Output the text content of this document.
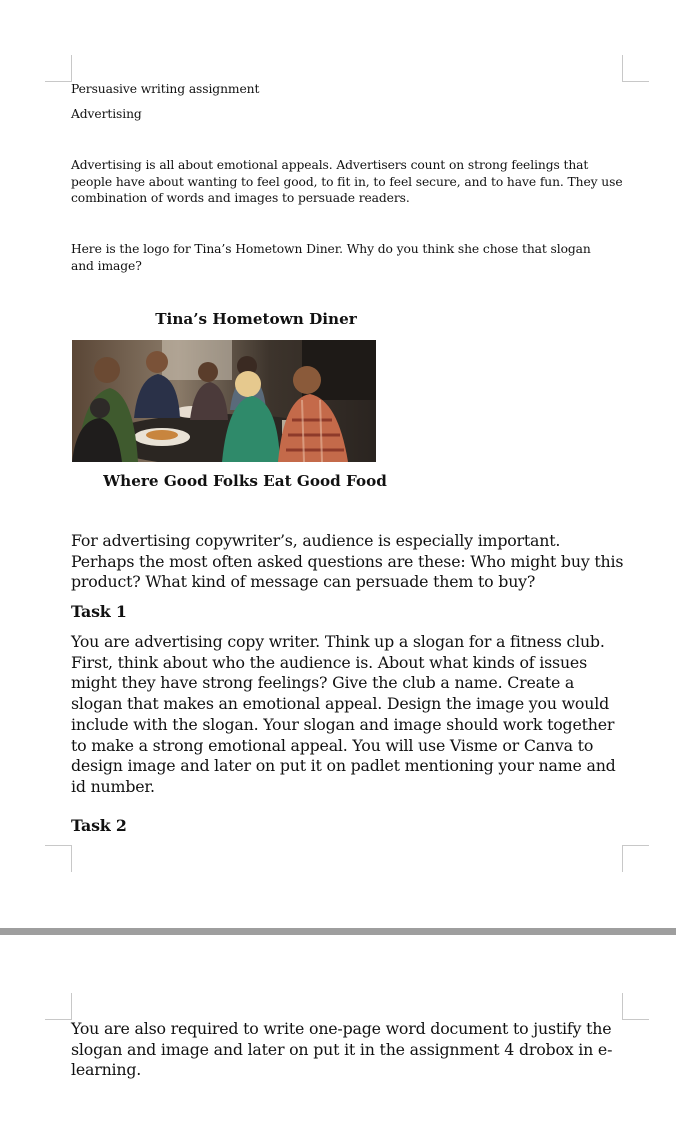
Persuasive writing assignment

Advertising

Advertising is all about emotional appeals. Advertisers count on strong feelings that people have about wanting to feel good, to fit in, to feel secure, and to have fun. They use combination of words and images to persuade readers.

Here is the logo for Tina’s Hometown Diner. Why do you think she chose that slogan and image?

Tina’s Hometown Diner
Where Good Folks Eat Good Food

For advertising copywriter’s, audience is especially important. Perhaps the most often asked questions are these: Who might buy this product? What kind of message can persuade them to buy?

Task 1

You are advertising copy writer. Think up a slogan for a fitness club. First, think about who the audience is. About what kinds of issues might they have strong feelings? Give the club a name. Create a slogan that makes an emotional appeal. Design the image you would include with the slogan. Your slogan and image should work together to make a strong emotional appeal. You will use Visme or Canva to design image and later on put it on padlet mentioning your name and id number.

Task 2

You are also required to write one-page word document to justify the slogan and image and later on put it in the assignment 4 drobox in e-learning.
